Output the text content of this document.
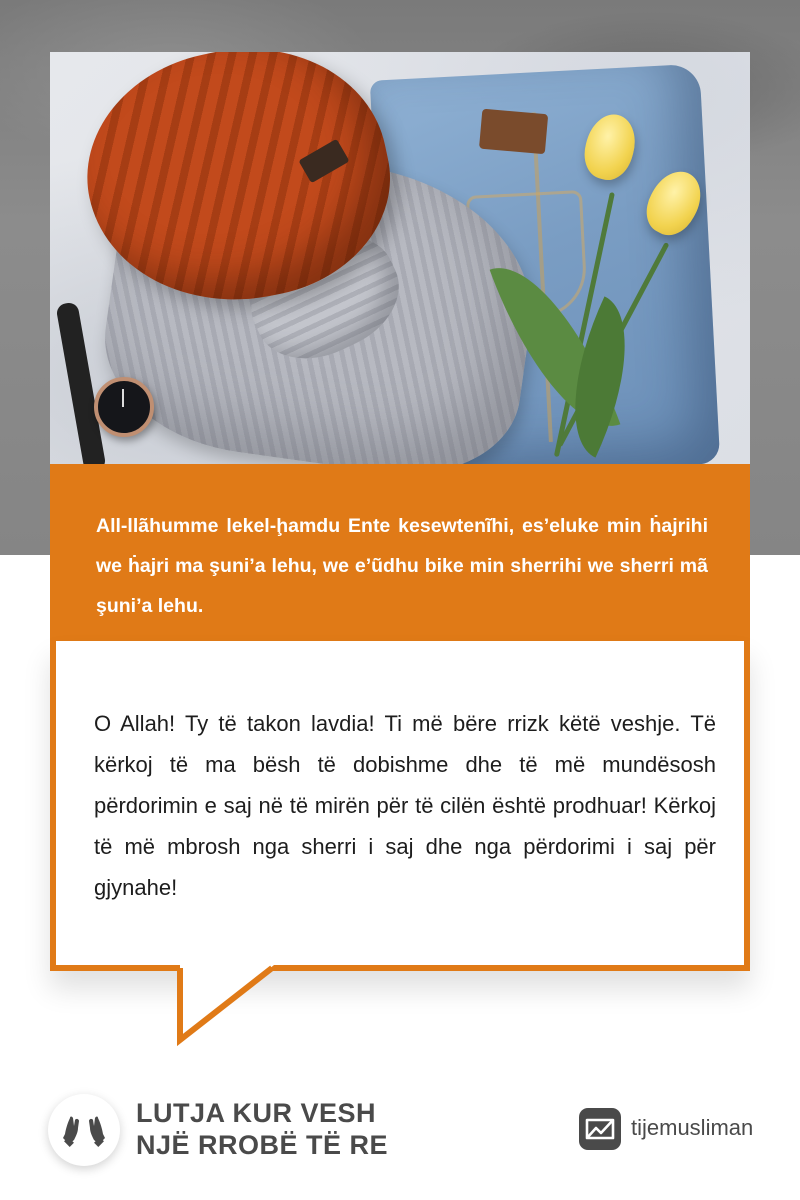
All-llãhumme lekel-ḩamdu Ente kesewtenĩhi, es’eluke min ḣajrihi we ḣajri ma şuni’a lehu, we e’ũdhu bike min sherrihi we sherri mã şuni’a lehu.

O Allah! Ty të takon lavdia! Ti më bëre rrizk këtë veshje. Të kërkoj të ma bësh të dobishme dhe të më mundësosh përdorimin e saj në të mirën për të cilën është prodhuar! Kërkoj të më mbrosh nga sherri i saj dhe nga përdorimi i saj për gjynahe!

LUTJA KUR VESH
NJË RROBË TË RE
tijemusliman
